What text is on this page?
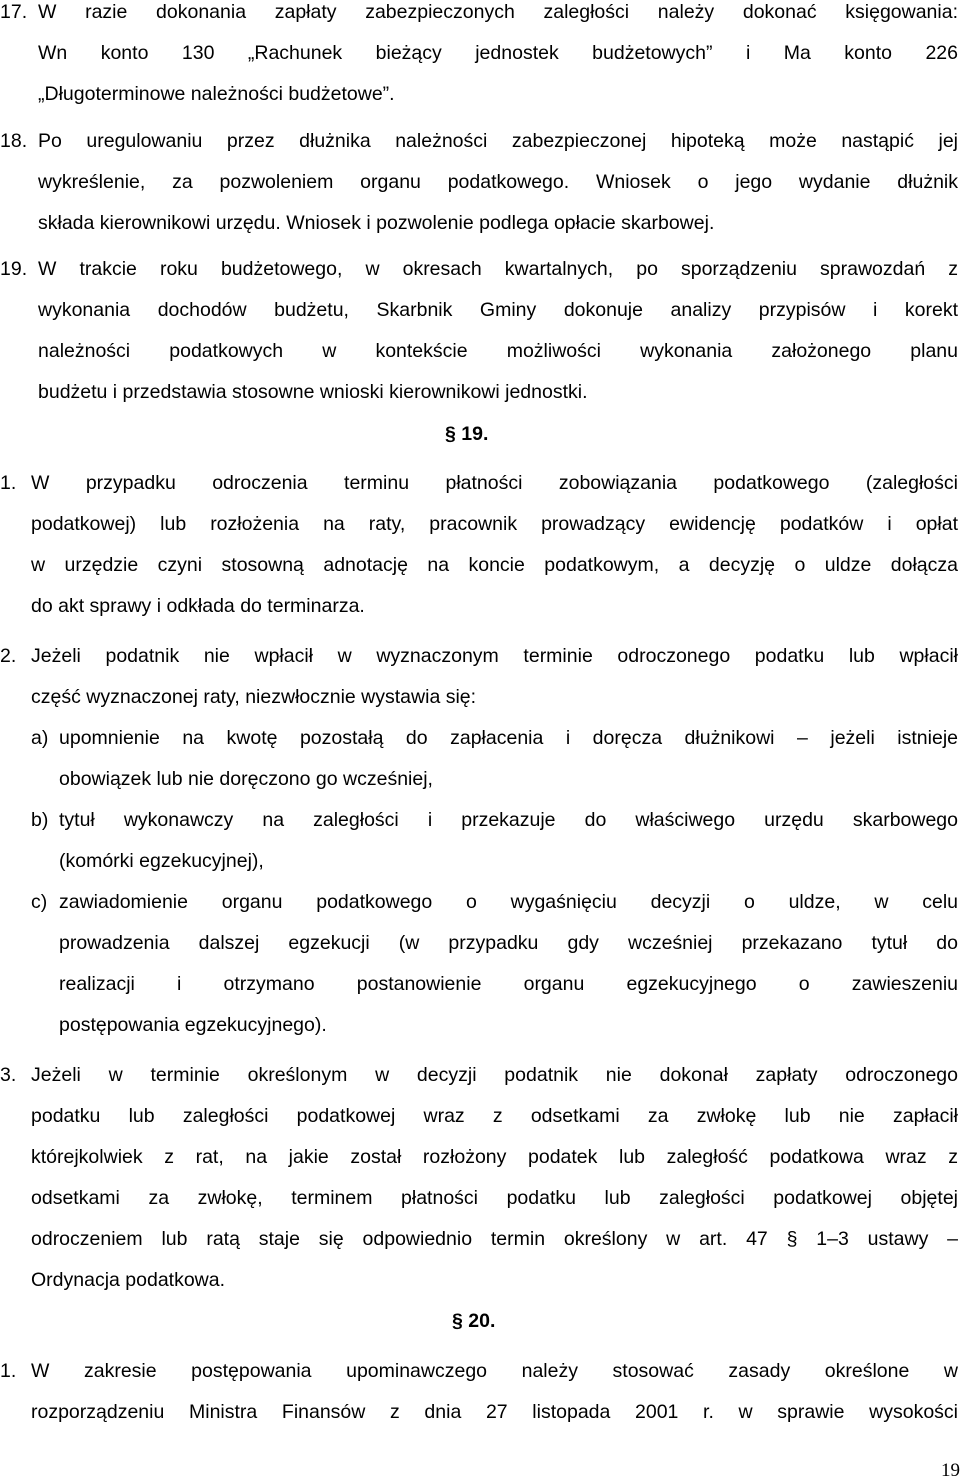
17. W razie dokonania zapłaty zabezpieczonych zaległości należy dokonać księgowania:
Wn konto 130 „Rachunek bieżący jednostek budżetowych” i Ma konto 226
„Długoterminowe należności budżetowe”.
18. Po uregulowaniu przez dłużnika należności zabezpieczonej hipoteką może nastąpić jej
wykreślenie, za pozwoleniem organu podatkowego. Wniosek o jego wydanie dłużnik
składa kierownikowi urzędu. Wniosek i pozwolenie podlega opłacie skarbowej.
19. W trakcie roku budżetowego, w okresach kwartalnych, po sporządzeniu sprawozdań z
wykonania dochodów budżetu, Skarbnik Gminy dokonuje analizy przypisów i korekt
należności podatkowych w kontekście możliwości wykonania założonego planu
budżetu i przedstawia stosowne wnioski kierownikowi jednostki.
§ 19.
1. W przypadku odroczenia terminu płatności zobowiązania podatkowego (zaległości
podatkowej) lub rozłożenia na raty, pracownik prowadzący ewidencję podatków i opłat
w urzędzie czyni stosowną adnotację na koncie podatkowym, a decyzję o uldze dołącza
do akt sprawy i odkłada do terminarza.
2. Jeżeli podatnik nie wpłacił w wyznaczonym terminie odroczonego podatku lub wpłacił
część wyznaczonej raty, niezwłocznie wystawia się:
a) upomnienie na kwotę pozostałą do zapłacenia i doręcza dłużnikowi – jeżeli istnieje
obowiązek lub nie doręczono go wcześniej,
b) tytuł wykonawczy na zaległości i przekazuje do właściwego urzędu skarbowego
(komórki egzekucyjnej),
c) zawiadomienie organu podatkowego o wygaśnięciu decyzji o uldze, w celu
prowadzenia dalszej egzekucji (w przypadku gdy wcześniej przekazano tytuł do
realizacji i otrzymano postanowienie organu egzekucyjnego o zawieszeniu
postępowania egzekucyjnego).
3. Jeżeli w terminie określonym w decyzji podatnik nie dokonał zapłaty odroczonego
podatku lub zaległości podatkowej wraz z odsetkami za zwłokę lub nie zapłacił
którejkolwiek z rat, na jakie został rozłożony podatek lub zaległość podatkowa wraz z
odsetkami za zwłokę, terminem płatności podatku lub zaległości podatkowej objętej
odroczeniem lub ratą staje się odpowiednio termin określony w art. 47 § 1–3 ustawy –
Ordynacja podatkowa.
§ 20.
1. W zakresie postępowania upominawczego należy stosować zasady określone w
rozporządzeniu Ministra Finansów z dnia 27 listopada 2001 r. w sprawie wysokości
19
